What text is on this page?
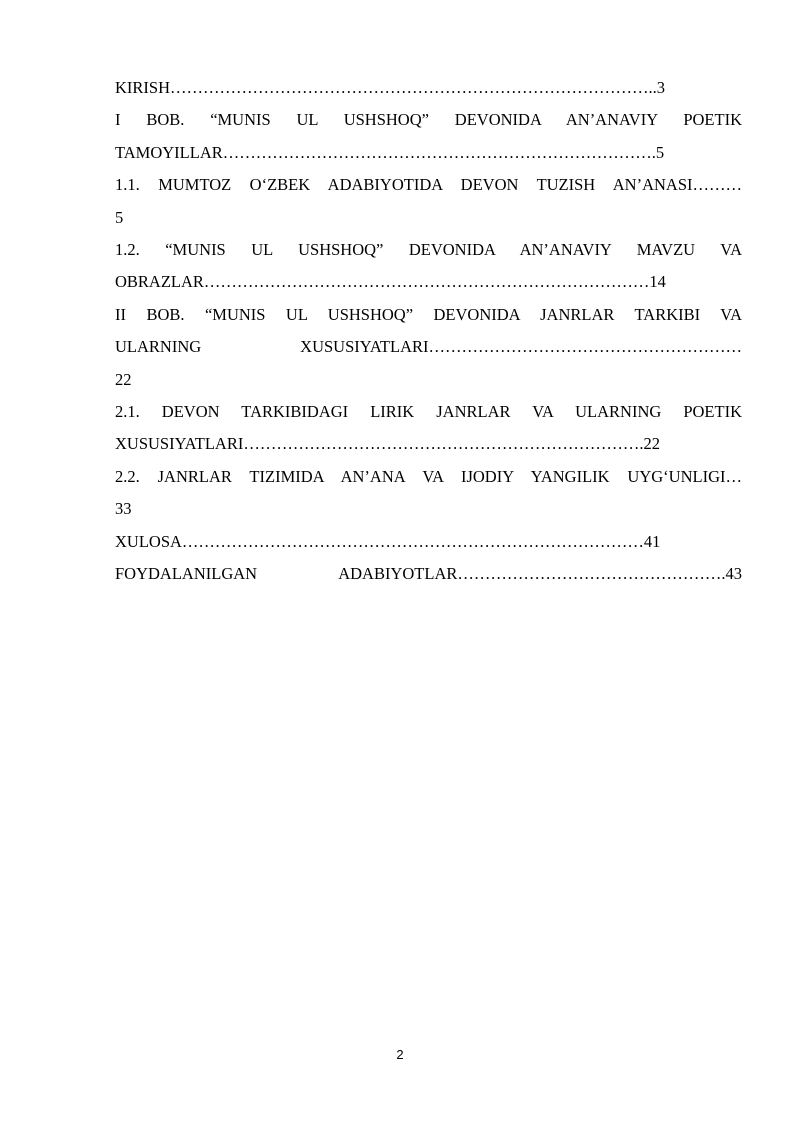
KIRISH……………………………………………………………………………..3
I BOB. “MUNIS UL USHSHOQ” DEVONIDA AN’ANAVIY POETIK
TAMOYILLAR…………………………………………………………………….5
1.1. MUMTOZ O‘ZBEK ADABIYOTIDA DEVON TUZISH AN’ANASI………
5
1.2. “MUNIS UL USHSHOQ” DEVONIDA AN’ANAVIY MAVZU VA
OBRAZLAR………………………………………………………………………14
II BOB. “MUNIS UL USHSHOQ” DEVONIDA JANRLAR TARKIBI VA
ULARNING XUSUSIYATLARI…………………………………………………
22
2.1. DEVON TARKIBIDAGI LIRIK JANRLAR VA ULARNING POETIK
XUSUSIYATLARI……………………………………………………………….22
2.2. JANRLAR TIZIMIDA AN’ANA VA IJODIY YANGILIK UYG‘UNLIGI…
33
XULOSA…………………………………………………………………………41
FOYDALANILGAN ADABIYOTLAR………………………………………….43
2
